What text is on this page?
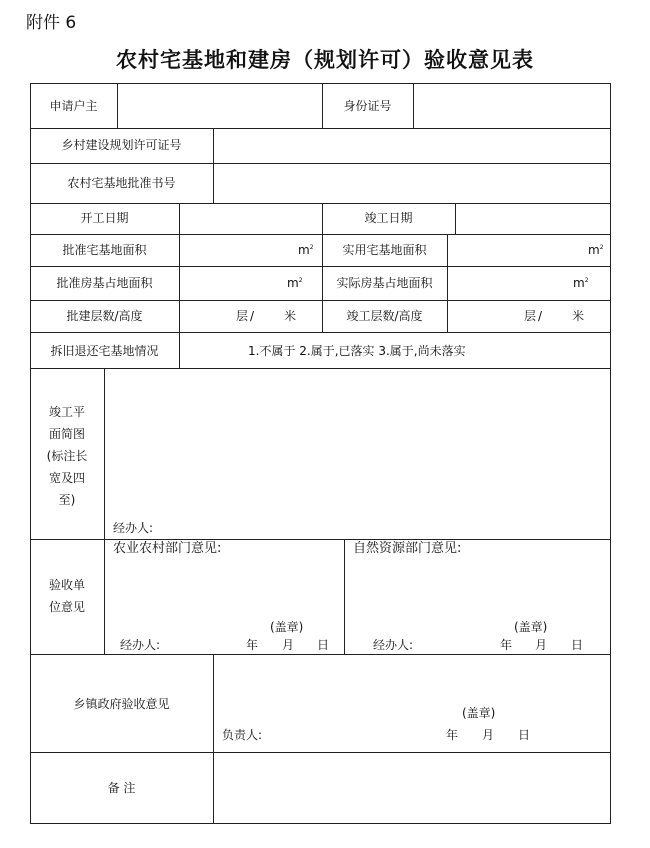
附件 6
农村宅基地和建房（规划许可）验收意见表
申请户主	身份证号
乡村建设规划许可证号
农村宅基地批准书号
开工日期	竣工日期
批准宅基地面积	$m^2$	实用宅基地面积	$m^2$
批准房基占地面积	$m^2$	实际房基占地面积	$m^2$
批建层数/高度	层 / 米	竣工层数/高度	层 / 米
拆旧退还宅基地情况	1.不属于 2.属于,已落实 3.属于,尚未落实
竣工平
面简图
(标注长
宽及四
至)
经办人:
验收单
位意见
农业农村部门意见:
(盖章)
经办人:	年 月 日
自然资源部门意见:
(盖章)
经办人:	年 月 日
乡镇政府验收意见
(盖章)
负责人:	年 月 日
备 注
